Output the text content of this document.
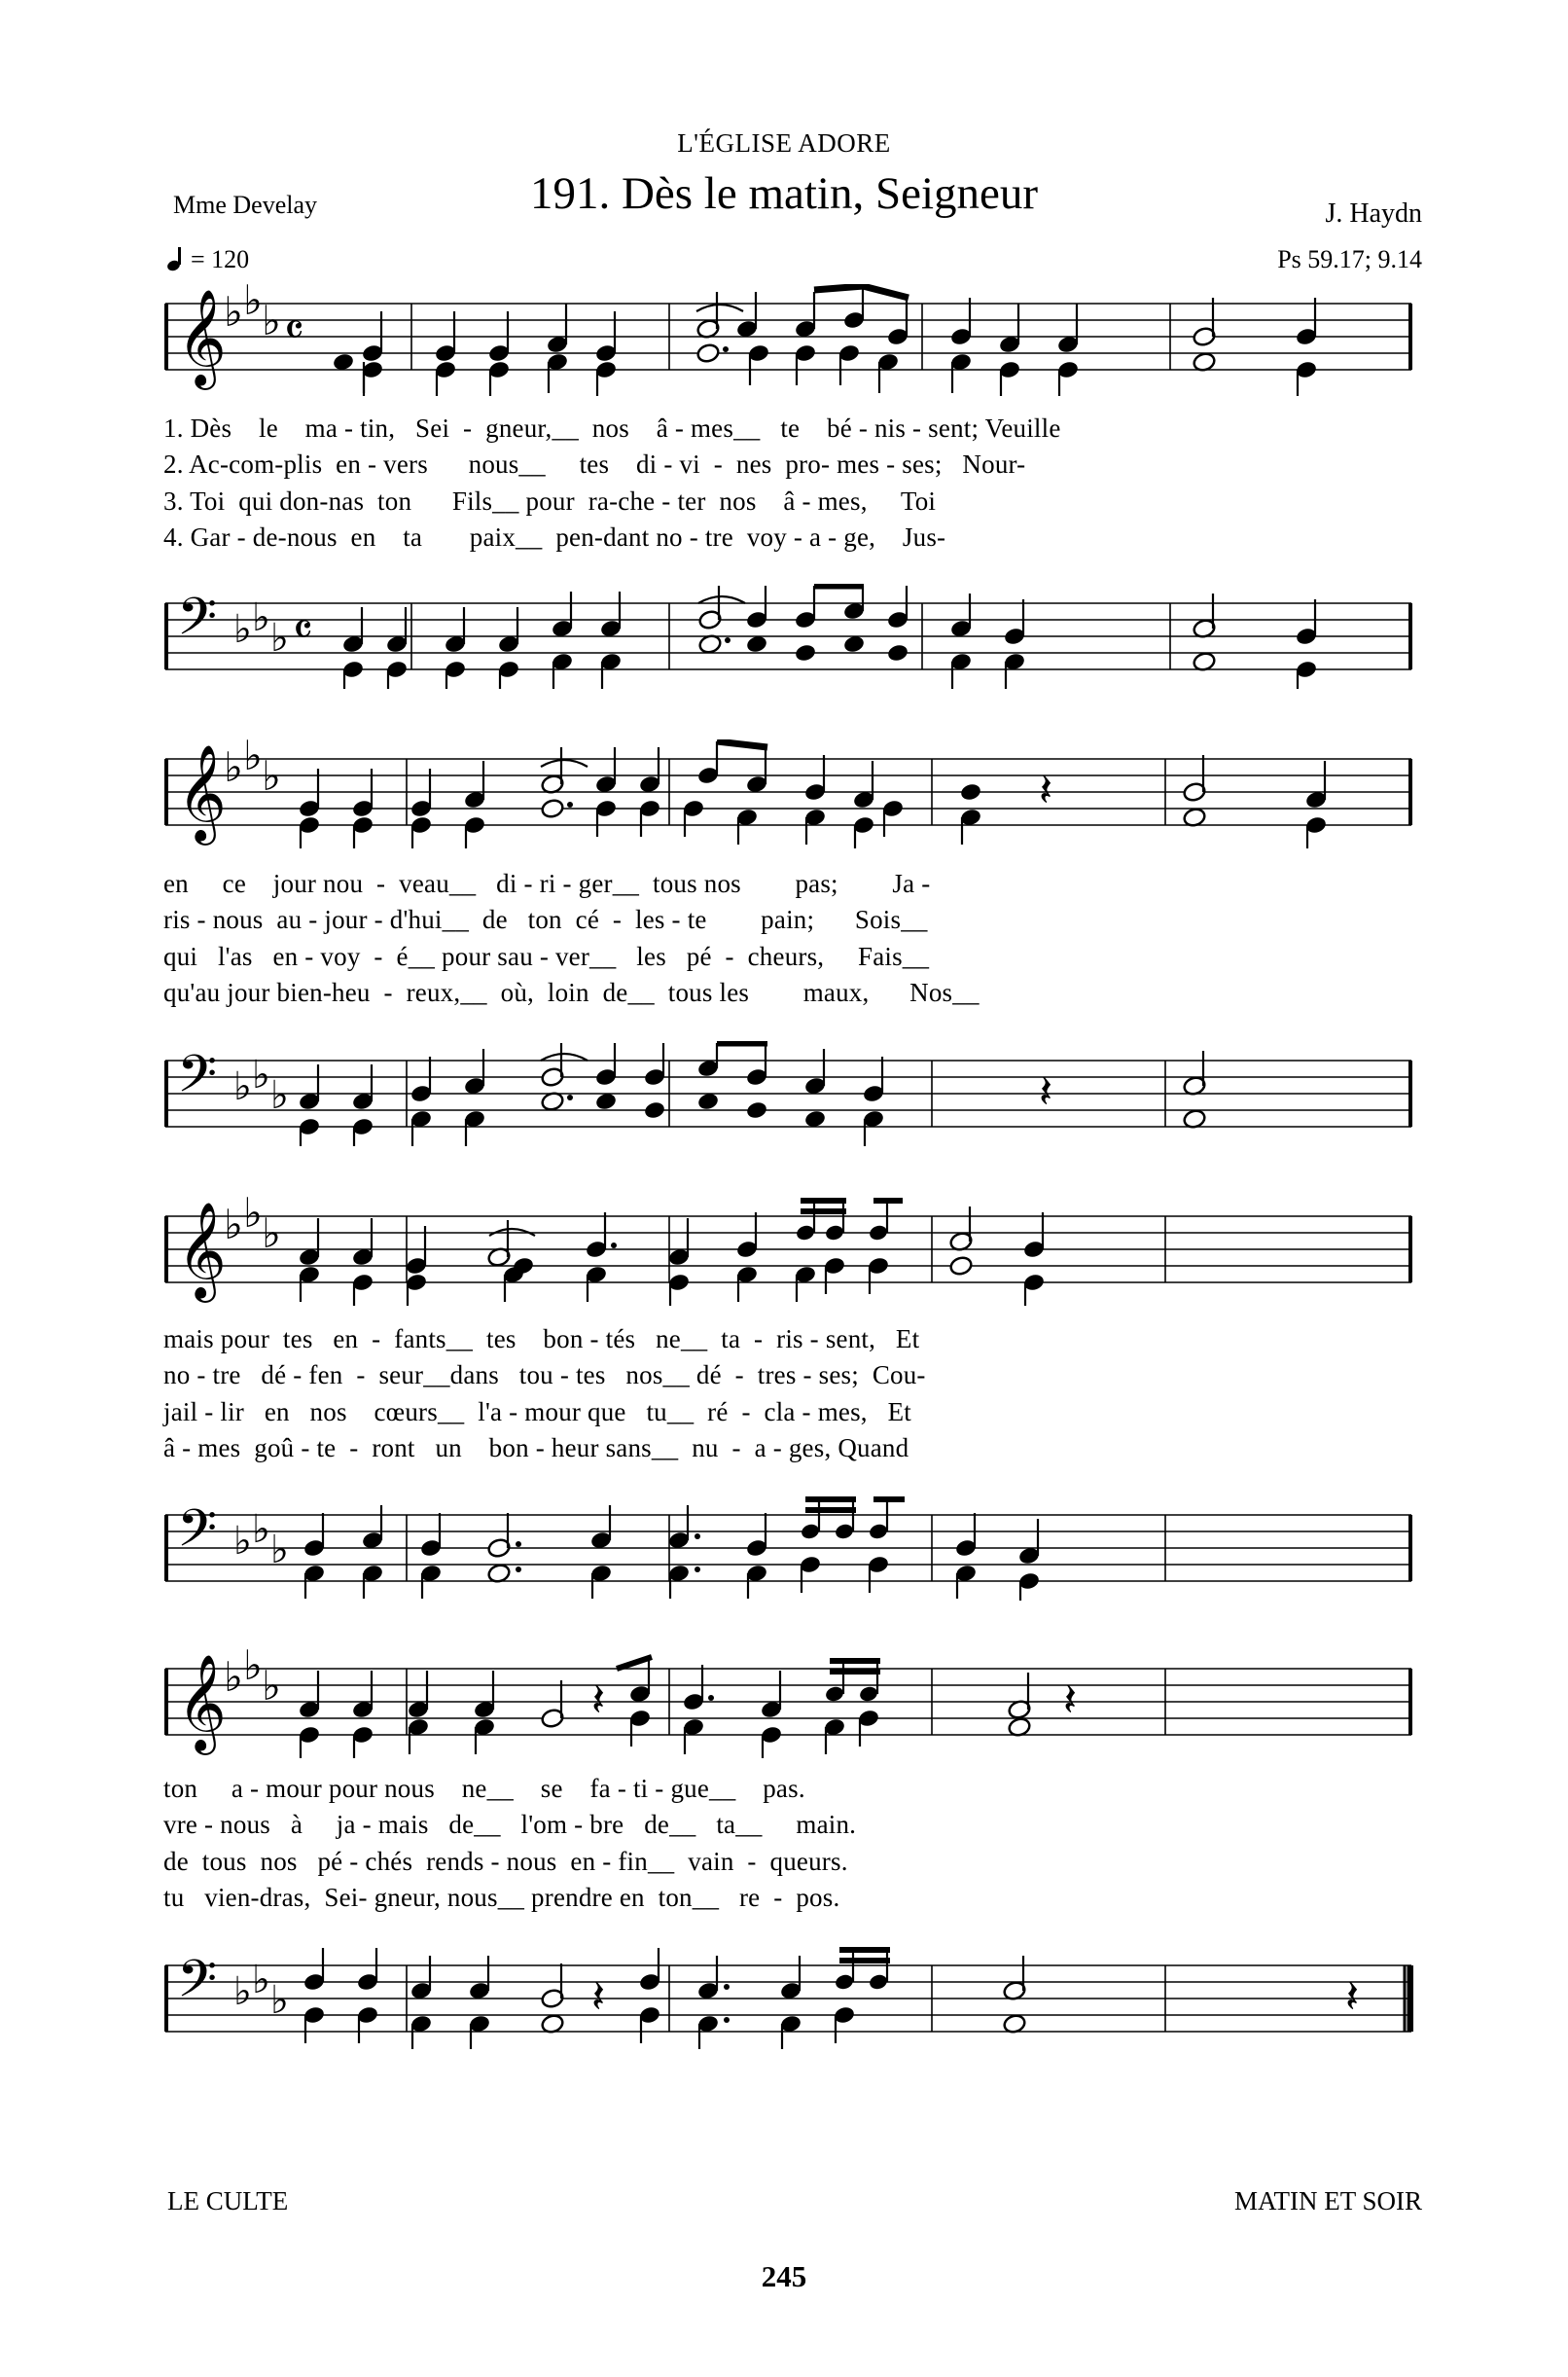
L'ÉGLISE ADORE
Mme Develay
= 120
191. Dès le matin, Seigneur	J. Haydn
Ps 59.17; 9.14
𝄞
♭ ♭ ♭ 𝄴
1. Dès    le    ma - tin,   Sei  -  gneur,__  nos    â - mes__   te    bé - nis - sent; Veuille
2. Ac-com-plis  en - vers      nous__     tes    di - vi  -  nes  pro- mes - ses;   Nour-
3. Toi  qui don-nas  ton      Fils__ pour  ra-che - ter  nos    â - mes,     Toi
4. Gar - de-nous  en    ta       paix__  pen-dant no - tre  voy - a - ge,    Jus-
𝄢 ♭ ♭ ♭ 𝄴
𝄞
♭ ♭ ♭	𝄽
en     ce    jour nou  -  veau__   di - ri - ger__  tous nos        pas;        Ja -
ris - nous  au - jour - d'hui__  de   ton  cé  -  les - te        pain;      Sois__
qui   l'as   en - voy  -  é__ pour sau - ver__   les   pé  -  cheurs,     Fais__
qu'au jour bien-heu  -  reux,__  où,  loin  de__  tous les        maux,      Nos__
𝄢 ♭ ♭ ♭	𝄽
𝄞
♭ ♭ ♭
mais pour  tes   en  -  fants__  tes    bon - tés   ne__  ta  -  ris - sent,   Et
no - tre   dé - fen  -  seur__dans   tou - tes   nos__ dé  -  tres - ses;  Cou-
jail - lir   en   nos    cœurs__  l'a - mour que   tu__  ré  -  cla - mes,   Et
â - mes  goû - te  -  ront   un    bon - heur sans__  nu  -  a - ges, Quand
𝄢 ♭ ♭ ♭
𝄞
♭ ♭ ♭	𝄽	𝄽
ton     a - mour pour nous    ne__    se    fa - ti - gue__    pas.
vre - nous   à     ja - mais   de__   l'om - bre   de__   ta__     main.
de  tous  nos   pé - chés  rends - nous  en - fin__  vain  -  queurs.
tu   vien-dras,  Sei- gneur, nous__ prendre en  ton__   re  -  pos.
𝄢 ♭ ♭ ♭	𝄽	𝄽
LE CULTE	MATIN ET SOIR
245
